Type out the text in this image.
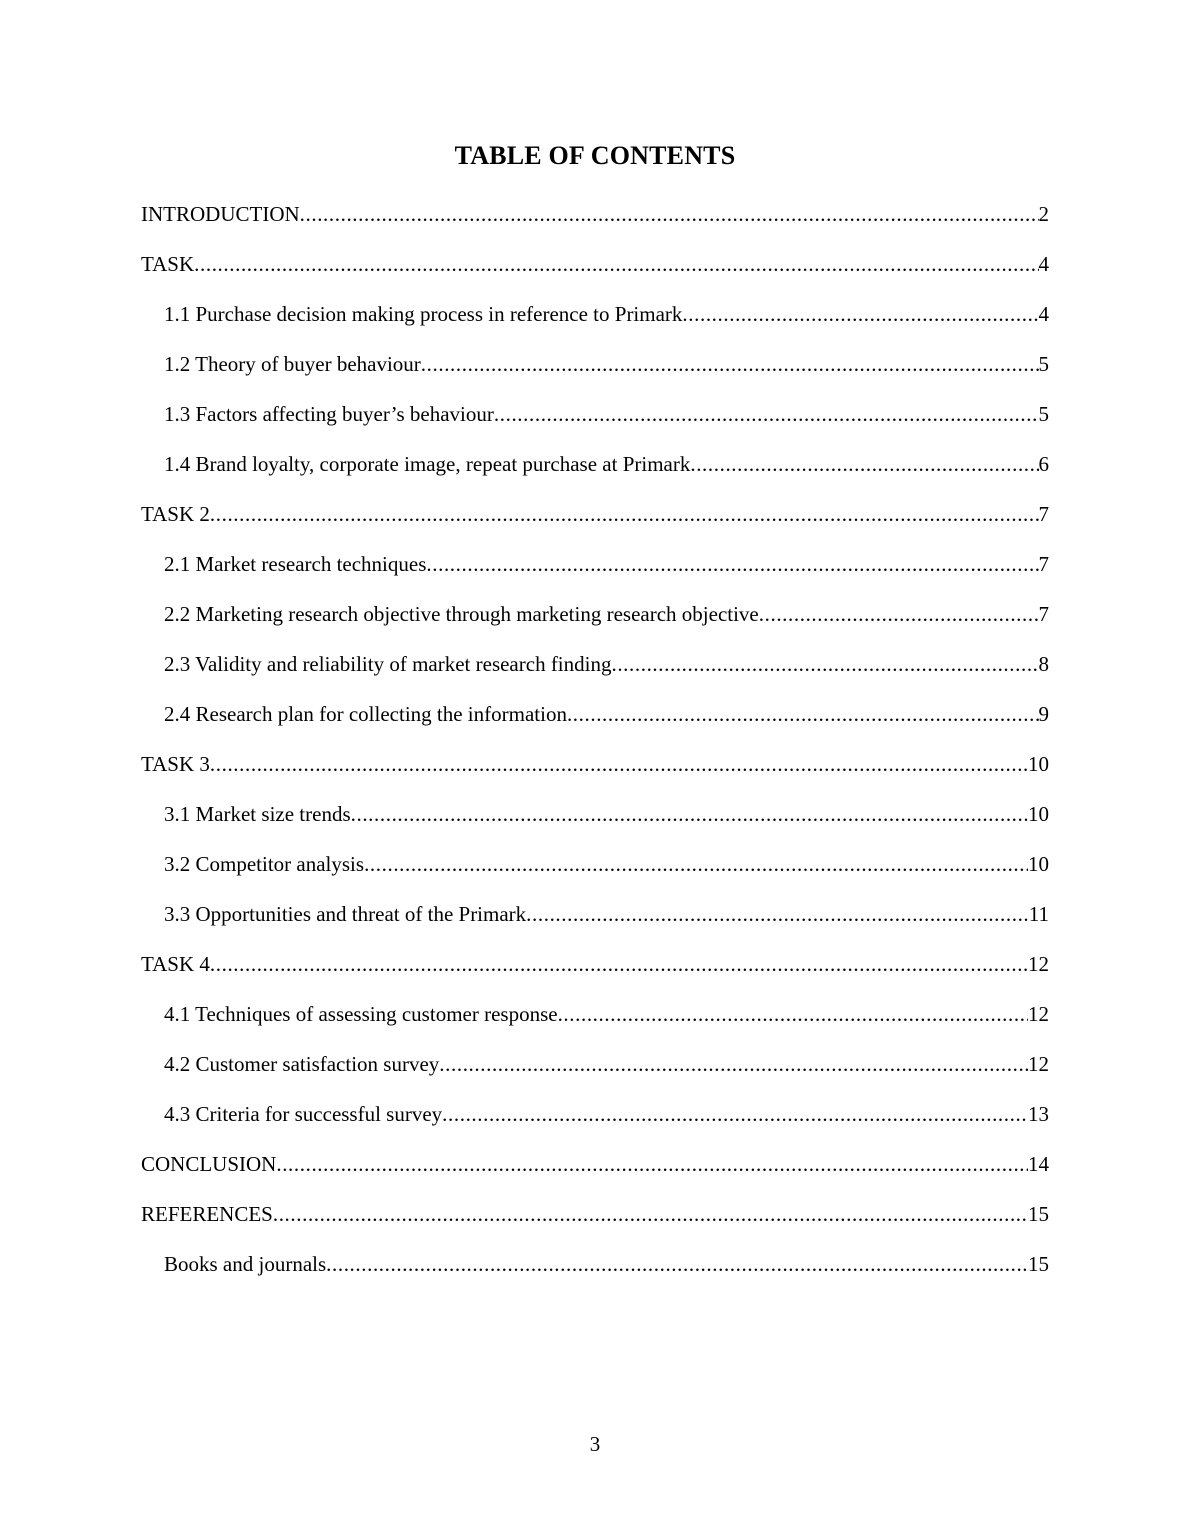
TABLE OF CONTENTS
INTRODUCTION .....	2
TASK .....	4
1.1 Purchase decision making process in reference to Primark .....	4
1.2 Theory of buyer behaviour .....	5
1.3 Factors affecting buyer’s behaviour .....	5
1.4 Brand loyalty, corporate image, repeat purchase at Primark .....	6
TASK 2 .....	7
2.1 Market research techniques .....	7
2.2 Marketing research objective through marketing research objective .....	7
2.3 Validity and reliability of market research finding .....	8
2.4 Research plan for collecting the information .....	9
TASK 3 .....	10
3.1 Market size trends .....	10
3.2 Competitor analysis .....	10
3.3 Opportunities and threat of the Primark .....	11
TASK 4 .....	12
4.1 Techniques of assessing customer response .....	12
4.2 Customer satisfaction survey .....	12
4.3 Criteria for successful survey .....	13
CONCLUSION .....	14
REFERENCES .....	15
Books and journals .....	15
3
